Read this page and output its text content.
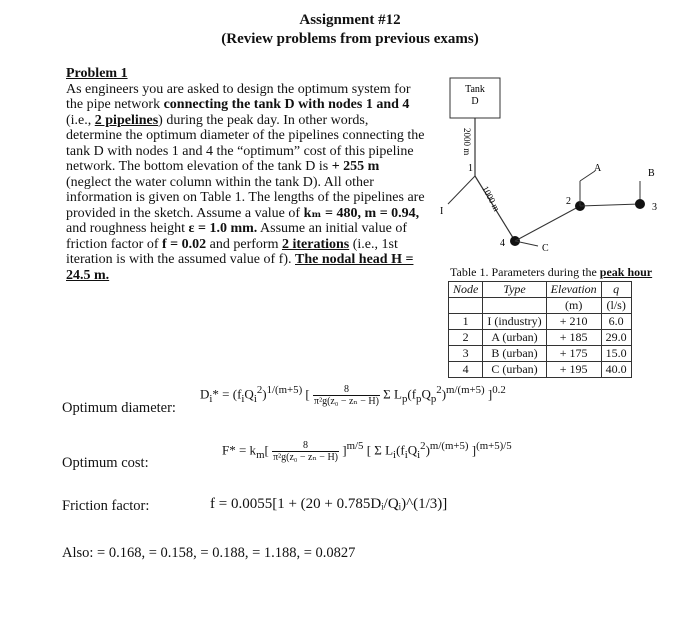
Assignment #12
(Review problems from previous exams)
Problem 1
As engineers you are asked to design the optimum system for the pipe network connecting the tank D with nodes 1 and 4 (i.e., 2 pipelines) during the peak day. In other words, determine the optimum diameter of the pipelines connecting the tank D with nodes 1 and 4 the “optimum” cost of this pipeline network. The bottom elevation of the tank D is + 255 m (neglect the water column within the tank D). All other information is given on Table 1. The lengths of the pipelines are provided in the sketch. Assume a value of kₘ = 480, m = 0.94, and roughness height ε = 1.0 mm. Assume an initial value of friction factor of f = 0.02 and perform 2 iterations (i.e., 1st iteration is with the assumed value of f). The nodal head H = 24.5 m.
Tank
D
2000 m
1
1000 m
I
4	C
2
A
3
B
Table 1. Parameters during the peak hour
Node	Type	Elevation	q
		(m)	(l/s)
1	I (industry)	+ 210	6.0
2	A (urban)	+ 185	29.0
3	B (urban)	+ 175	15.0
4	C (urban)	+ 195	40.0
Optimum diameter:
$D_i* = (f_iQ_i^2)^{1/(m+5)}$ [ $\frac{8}{\text{π²g(z₀ − zₙ − H)}}$ Σ $L_p(f_pQ_p^2)^{m/(m+5)}$ ]$^{0.2}$
Optimum cost:
$F* = k_m[ \frac{8}{\text{π²g(z₀ − zₙ − H)}} ]^{m/5}$ [ Σ $L_i(f_iQ_i^2)^{m/(m+5)}$ ]$^{(m+5)/5}$
Friction factor:	f = 0.0055[1 + (20 + 0.785Dᵢ/Qᵢ)^(1/3)]
Also: = 0.168, = 0.158, = 0.188, = 1.188, = 0.0827
